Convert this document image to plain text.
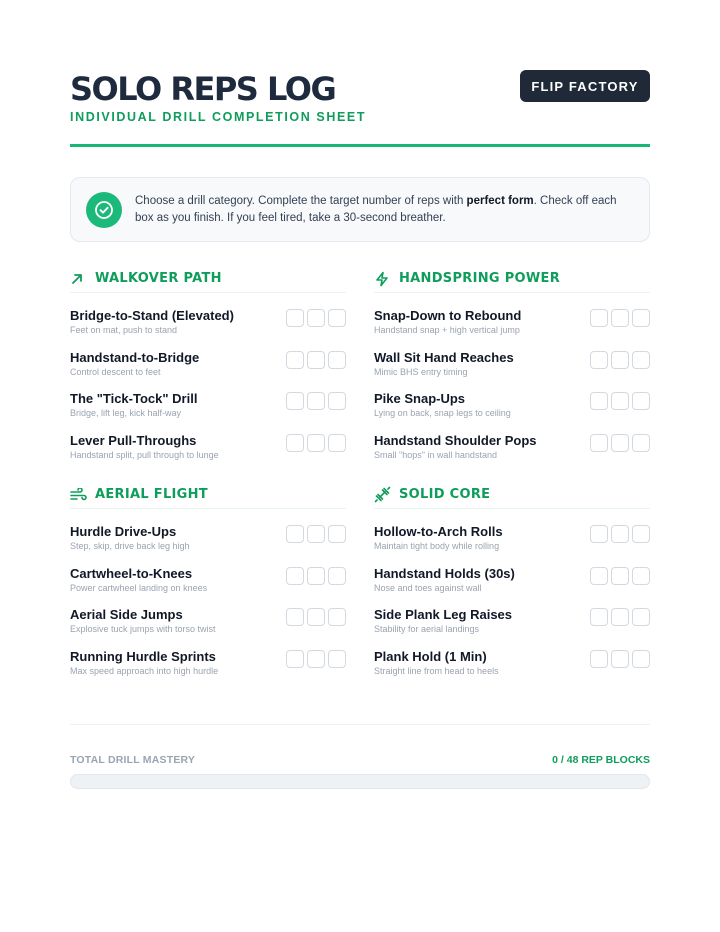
SOLO REPS LOG
INDIVIDUAL DRILL COMPLETION SHEET
FLIP FACTORY
Choose a drill category. Complete the target number of reps with perfect form. Check off each box as you finish. If you feel tired, take a 30-second breather.
WALKOVER PATH
Bridge-to-Stand (Elevated)
Feet on mat, push to stand
Handstand-to-Bridge
Control descent to feet
The "Tick-Tock" Drill
Bridge, lift leg, kick half-way
Lever Pull-Throughs
Handstand split, pull through to lunge
HANDSPRING POWER
Snap-Down to Rebound
Handstand snap + high vertical jump
Wall Sit Hand Reaches
Mimic BHS entry timing
Pike Snap-Ups
Lying on back, snap legs to ceiling
Handstand Shoulder Pops
Small "hops" in wall handstand
AERIAL FLIGHT
Hurdle Drive-Ups
Step, skip, drive back leg high
Cartwheel-to-Knees
Power cartwheel landing on knees
Aerial Side Jumps
Explosive tuck jumps with torso twist
Running Hurdle Sprints
Max speed approach into high hurdle
SOLID CORE
Hollow-to-Arch Rolls
Maintain tight body while rolling
Handstand Holds (30s)
Nose and toes against wall
Side Plank Leg Raises
Stability for aerial landings
Plank Hold (1 Min)
Straight line from head to heels
TOTAL DRILL MASTERY	0 / 48 REP BLOCKS
